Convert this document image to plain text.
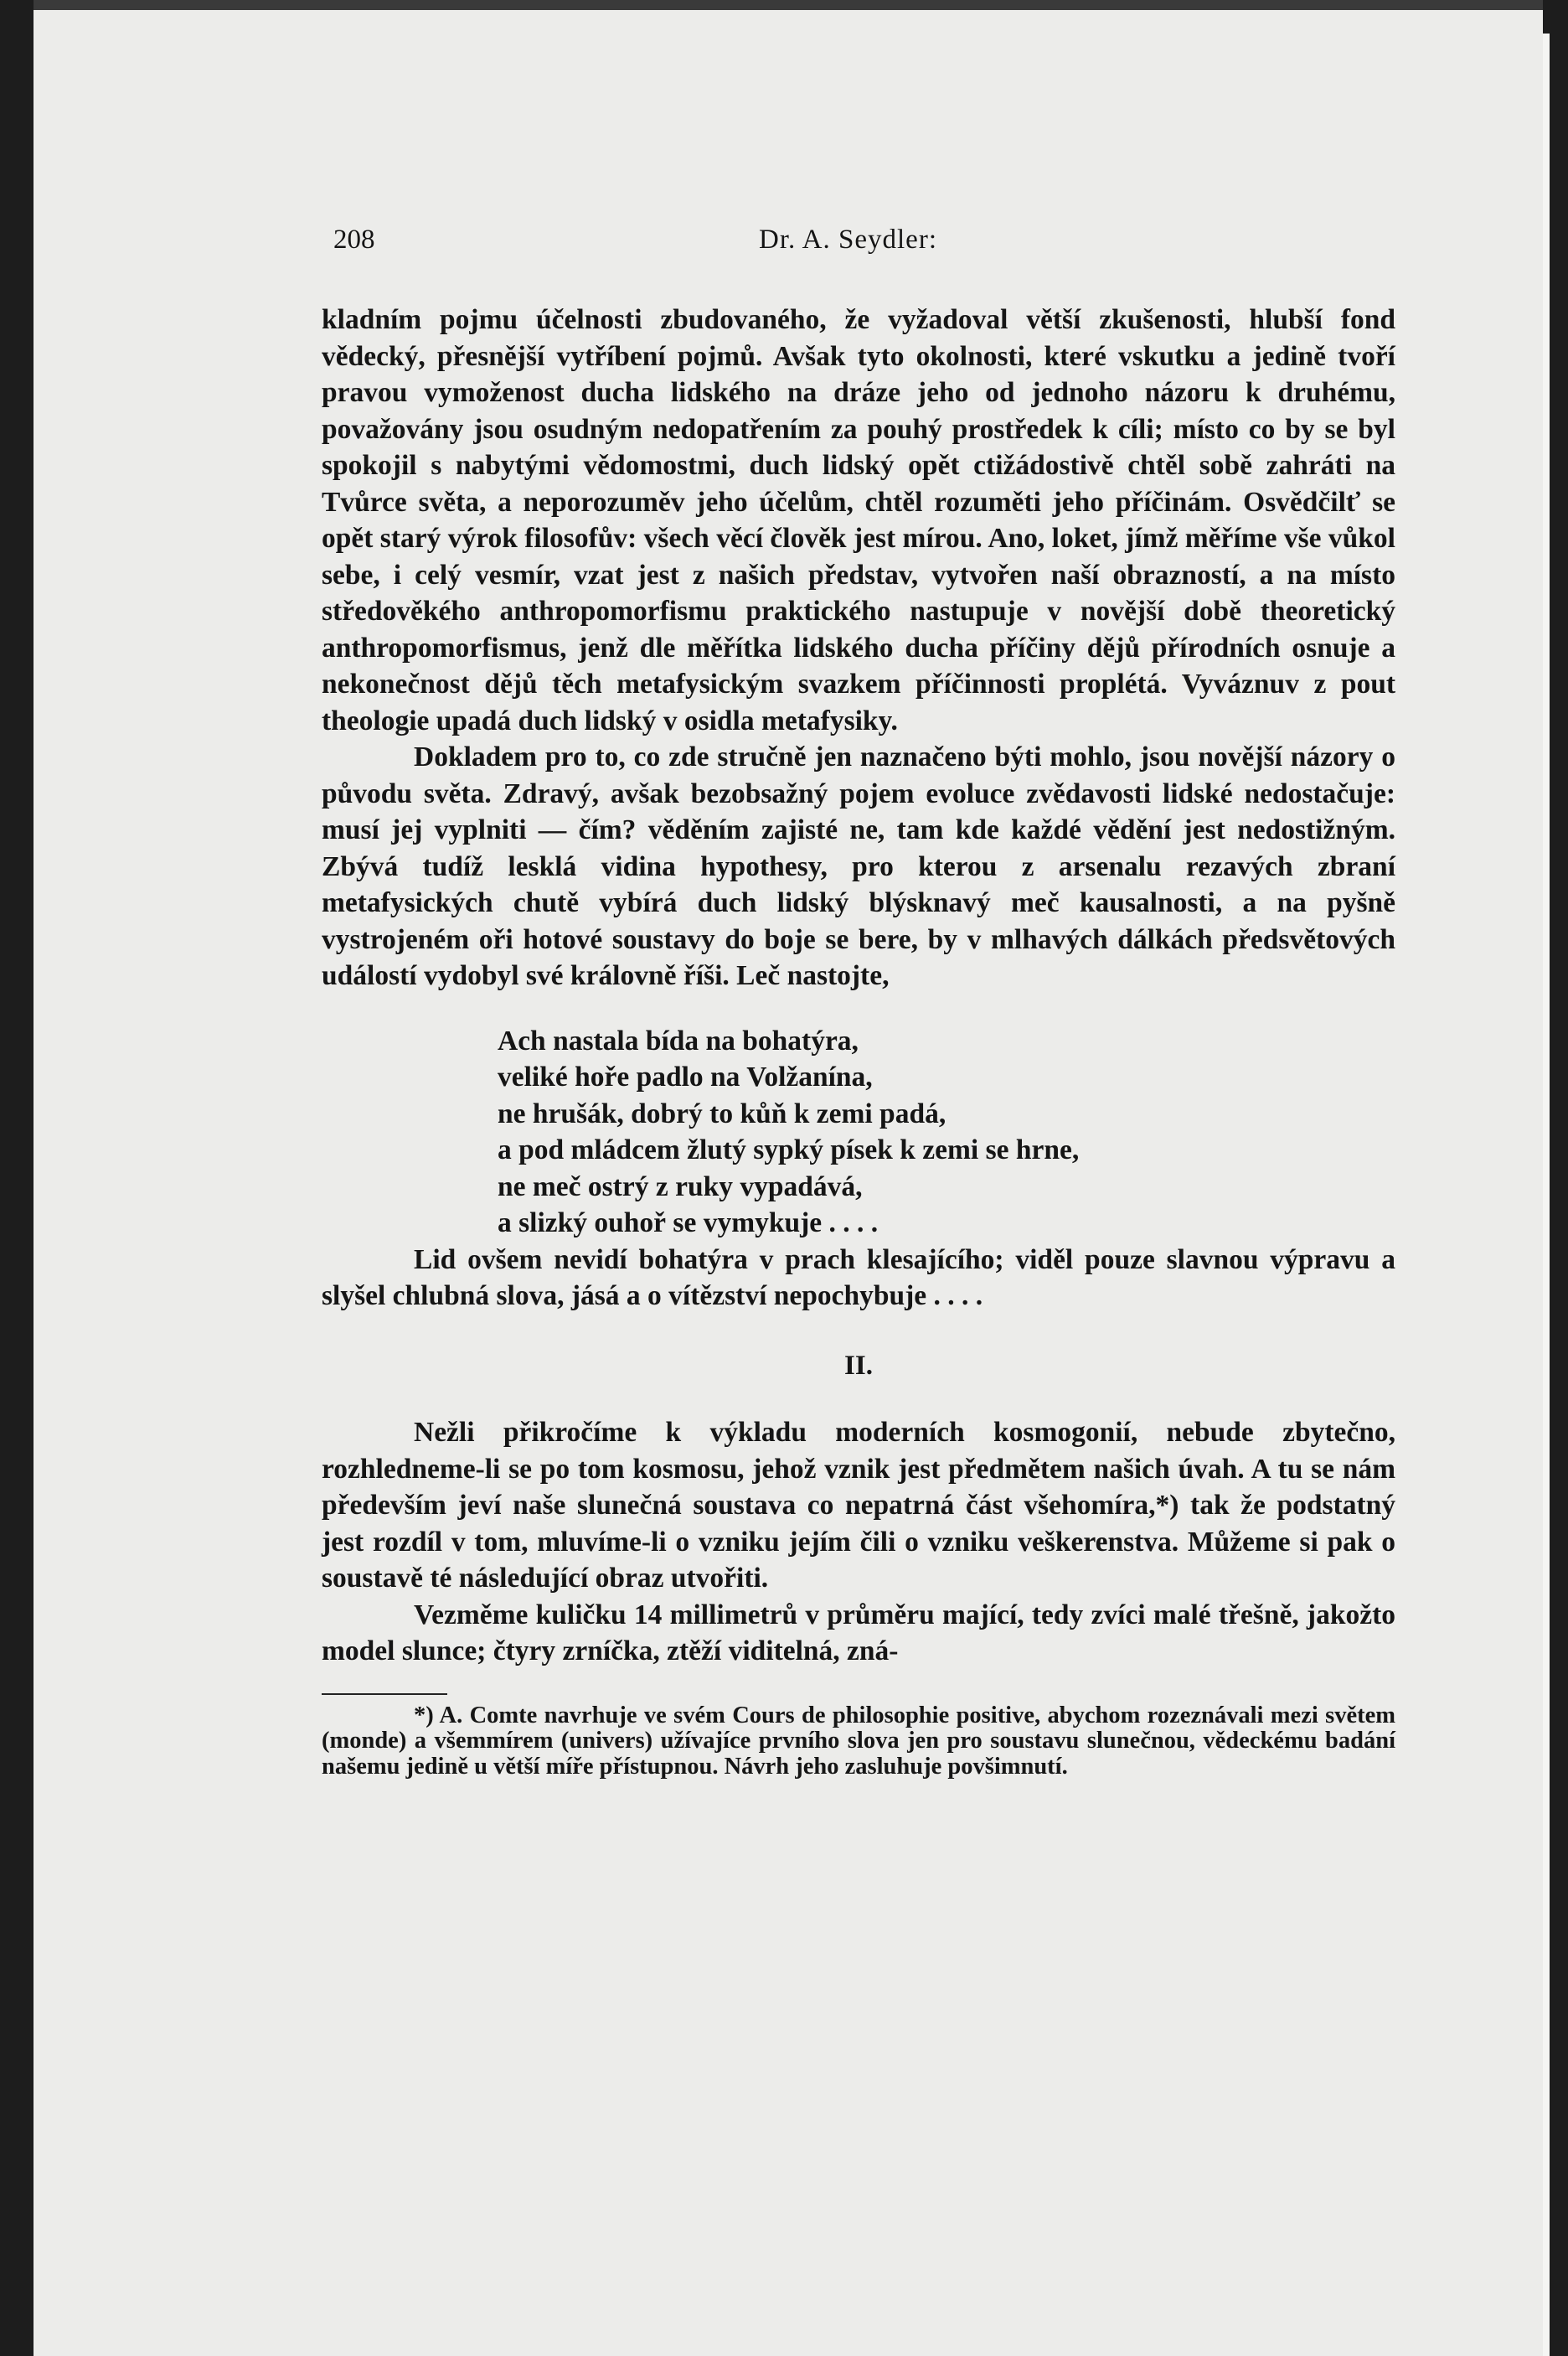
208	Dr. A. Seydler:

kladním pojmu účelnosti zbudovaného, že vyžadoval větší zkušenosti, hlubší fond vědecký, přesnější vytříbení pojmů. Avšak tyto okolnosti, které vskutku a jedině tvoří pravou vymoženost ducha lidského na dráze jeho od jednoho názoru k druhému, považovány jsou osudným nedopatřením za pouhý prostředek k cíli; místo co by se byl spokojil s nabytými vědomostmi, duch lidský opět ctižádostivě chtěl sobě zahráti na Tvůrce světa, a neporozuměv jeho účelům, chtěl rozuměti jeho příčinám. Osvědčilť se opět starý výrok filosofův: všech věcí člověk jest mírou. Ano, loket, jímž měříme vše vůkol sebe, i celý vesmír, vzat jest z našich představ, vytvořen naší obrazností, a na místo středověkého anthropomorfismu praktického nastupuje v novější době theoretický anthropomorfismus, jenž dle měřítka lidského ducha příčiny dějů přírodních osnuje a nekonečnost dějů těch metafysickým svazkem příčinnosti proplétá. Vyváznuv z pout theologie upadá duch lidský v osidla metafysiky.

Dokladem pro to, co zde stručně jen naznačeno býti mohlo, jsou novější názory o původu světa. Zdravý, avšak bezobsažný pojem evoluce zvědavosti lidské nedostačuje: musí jej vyplniti — čím? věděním zajisté ne, tam kde každé vědění jest nedostižným. Zbývá tudíž lesklá vidina hypothesy, pro kterou z arsenalu rezavých zbraní metafysických chutě vybírá duch lidský blýsknavý meč kausalnosti, a na pyšně vystrojeném oři hotové soustavy do boje se bere, by v mlhavých dálkách předsvětových událostí vydobyl své královně říši. Leč nastojte,

Ach nastala bída na bohatýra,
veliké hoře padlo na Volžanína,
ne hrušák, dobrý to kůň k zemi padá,
a pod mládcem žlutý sypký písek k zemi se hrne,
ne meč ostrý z ruky vypadává,
a slizký ouhoř se vymykuje . . . .

Lid ovšem nevidí bohatýra v prach klesajícího; viděl pouze slavnou výpravu a slyšel chlubná slova, jásá a o vítězství nepochybuje . . . .

II.

Nežli přikročíme k výkladu moderních kosmogonií, nebude zbytečno, rozhledneme-li se po tom kosmosu, jehož vznik jest předmětem našich úvah. A tu se nám především jeví naše slunečná soustava co nepatrná část všehomíra,*) tak že podstatný jest rozdíl v tom, mluvíme-li o vzniku jejím čili o vzniku veškerenstva. Můžeme si pak o soustavě té následující obraz utvořiti.

Vezměme kuličku 14 millimetrů v průměru mající, tedy zvíci malé třešně, jakožto model slunce; čtyry zrníčka, ztěží viditelná, zná-

*) A. Comte navrhuje ve svém Cours de philosophie positive, abychom rozeznávali mezi světem (monde) a všemmírem (univers) užívajíce prvního slova jen pro soustavu slunečnou, vědeckému badání našemu jedině u větší míře přístupnou. Návrh jeho zasluhuje povšimnutí.
